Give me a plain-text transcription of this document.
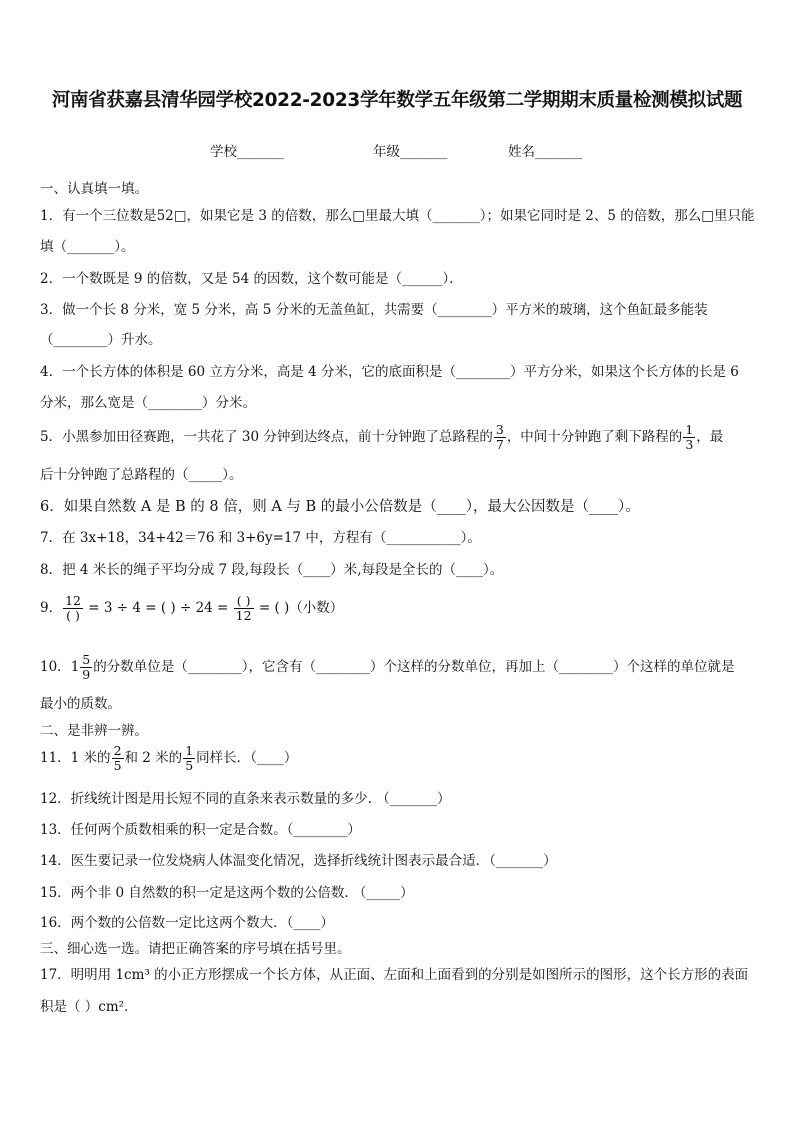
河南省获嘉县清华园学校2022-2023学年数学五年级第二学期期末质量检测模拟试题
学校_______	年级_______	姓名_______
一、认真填一填。
1．有一个三位数是52□，如果它是 3 的倍数，那么□里最大填（_______）；如果它同时是 2、5 的倍数，那么□里只能
填（_______）。
2．一个数既是 9 的倍数，又是 54 的因数，这个数可能是（______）．
3．做一个长 8 分米，宽 5 分米，高 5 分米的无盖鱼缸，共需要（________）平方米的玻璃，这个鱼缸最多能装
（________）升水。
4．一个长方体的体积是 60 立方分米，高是 4 分米，它的底面积是（________）平方分米，如果这个长方体的长是 6
分米，那么宽是（________）分米。
5．小黑参加田径赛跑，一共花了 30 分钟到达终点，前十分钟跑了总路程的 $\frac{3}{7}$ ，中间十分钟跑了剩下路程的 $\frac{1}{3}$ ，最
后十分钟跑了总路程的（_____）。
6．如果自然数 A 是 B 的 8 倍，则 A 与 B 的最小公倍数是（____），最大公因数是（____）。
7．在 3x+18，34+42＝76 和 3+6y=17 中，方程有（___________）。
8．把 4 米长的绳子平均分成 7 段,每段长（____）米,每段是全长的（____）。
9． $\frac{12}{( )} = 3 \div 4$ = ( ) ÷ $24 = \frac{( )}{12}$ = ( )（小数）
10．$1 \frac{5}{9}$ 的分数单位是（________），它含有（________）个这样的分数单位，再加上（________）个这样的单位就是
最小的质数。
二、是非辨一辨。
11．1 米的 $\frac{2}{5}$ 和 2 米的 $\frac{1}{5}$ 同样长．（____）
12．折线统计图是用长短不同的直条来表示数量的多少. （_______）
13．任何两个质数相乘的积一定是合数。（________）
14．医生要记录一位发烧病人体温变化情况，选择折线统计图表示最合适．（_______）
15．两个非 0 自然数的积一定是这两个数的公倍数. （_____）
16．两个数的公倍数一定比这两个数大．（____）
三、细心选一选。请把正确答案的序号填在括号里。
17．明明用 1cm³ 的小正方形摆成一个长方体，从正面、左面和上面看到的分别是如图所示的图形，这个长方形的表面
积是（ ）cm²．
